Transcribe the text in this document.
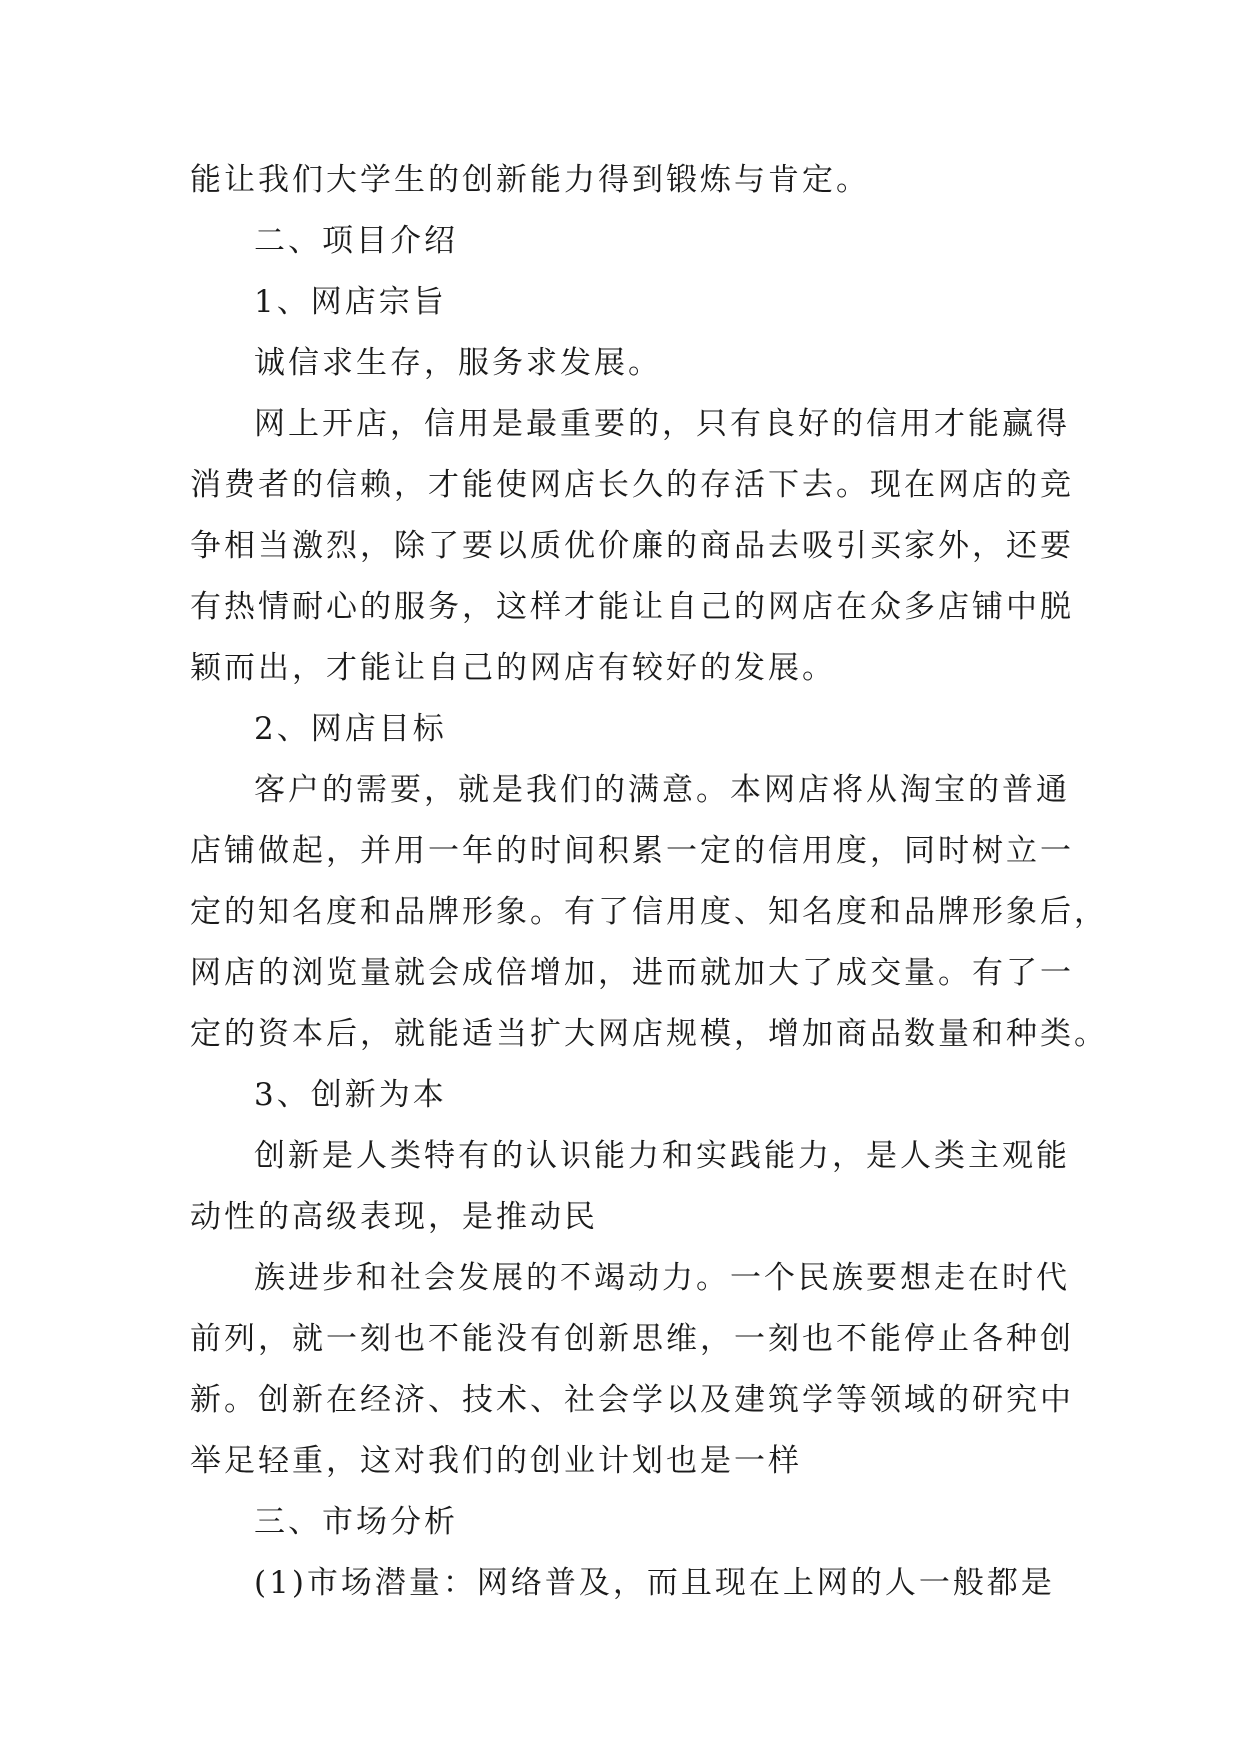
能让我们大学生的创新能力得到锻炼与肯定。
二、项目介绍
1、网店宗旨
诚信求生存，服务求发展。
网上开店，信用是最重要的，只有良好的信用才能赢得
消费者的信赖，才能使网店长久的存活下去。现在网店的竞
争相当激烈，除了要以质优价廉的商品去吸引买家外，还要
有热情耐心的服务，这样才能让自己的网店在众多店铺中脱
颖而出，才能让自己的网店有较好的发展。
2、网店目标
客户的需要，就是我们的满意。本网店将从淘宝的普通
店铺做起，并用一年的时间积累一定的信用度，同时树立一
定的知名度和品牌形象。有了信用度、知名度和品牌形象后，
网店的浏览量就会成倍增加，进而就加大了成交量。有了一
定的资本后，就能适当扩大网店规模，增加商品数量和种类。
3、创新为本
创新是人类特有的认识能力和实践能力，是人类主观能
动性的高级表现，是推动民
族进步和社会发展的不竭动力。一个民族要想走在时代
前列，就一刻也不能没有创新思维，一刻也不能停止各种创
新。创新在经济、技术、社会学以及建筑学等领域的研究中
举足轻重，这对我们的创业计划也是一样
三、市场分析
(1)市场潜量：网络普及，而且现在上网的人一般都是
